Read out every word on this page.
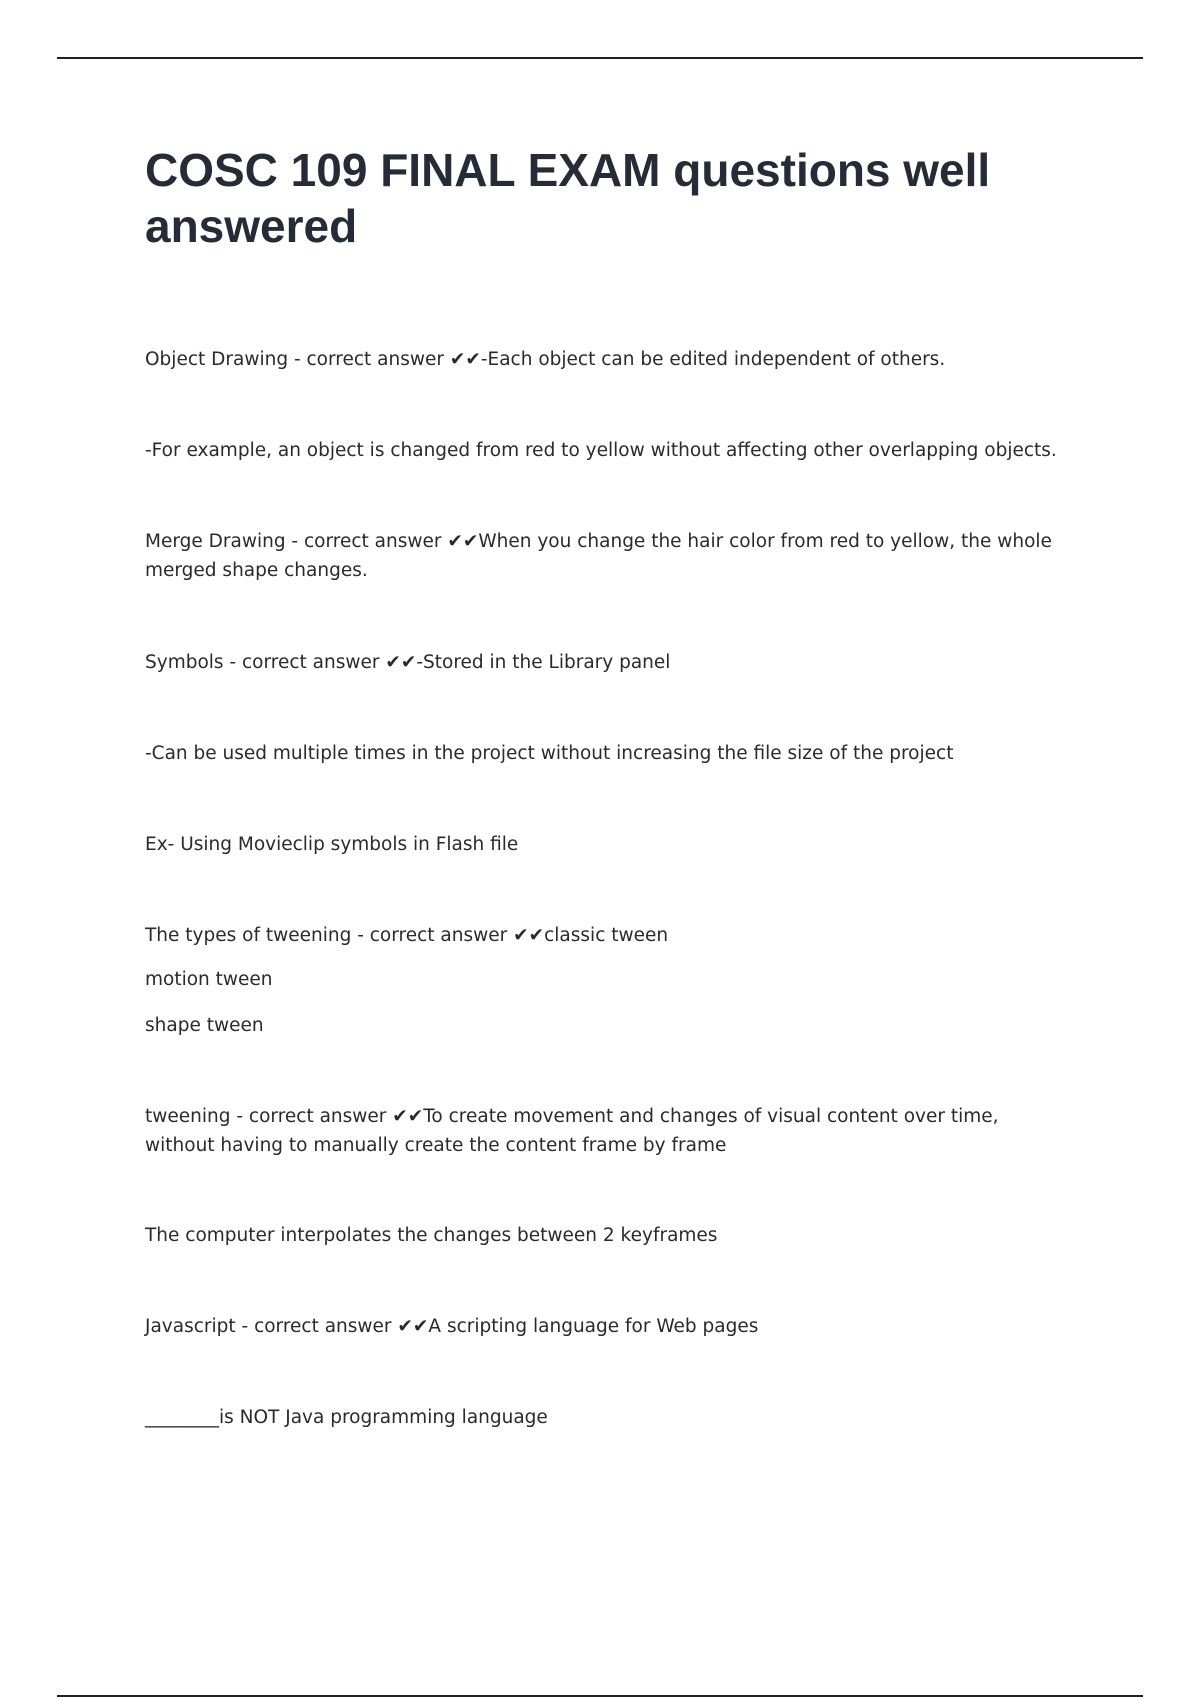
COSC 109 FINAL EXAM questions well answered

Object Drawing - correct answer ✔✔-Each object can be edited independent of others.

-For example, an object is changed from red to yellow without affecting other overlapping objects.

Merge Drawing - correct answer ✔✔When you change the hair color from red to yellow, the whole merged shape changes.

Symbols - correct answer ✔✔-Stored in the Library panel

-Can be used multiple times in the project without increasing the file size of the project

Ex- Using Movieclip symbols in Flash file

The types of tweening - correct answer ✔✔classic tween

motion tween

shape tween

tweening - correct answer ✔✔To create movement and changes of visual content over time, without having to manually create the content frame by frame

The computer interpolates the changes between 2 keyframes

Javascript - correct answer ✔✔A scripting language for Web pages

________is NOT Java programming language
